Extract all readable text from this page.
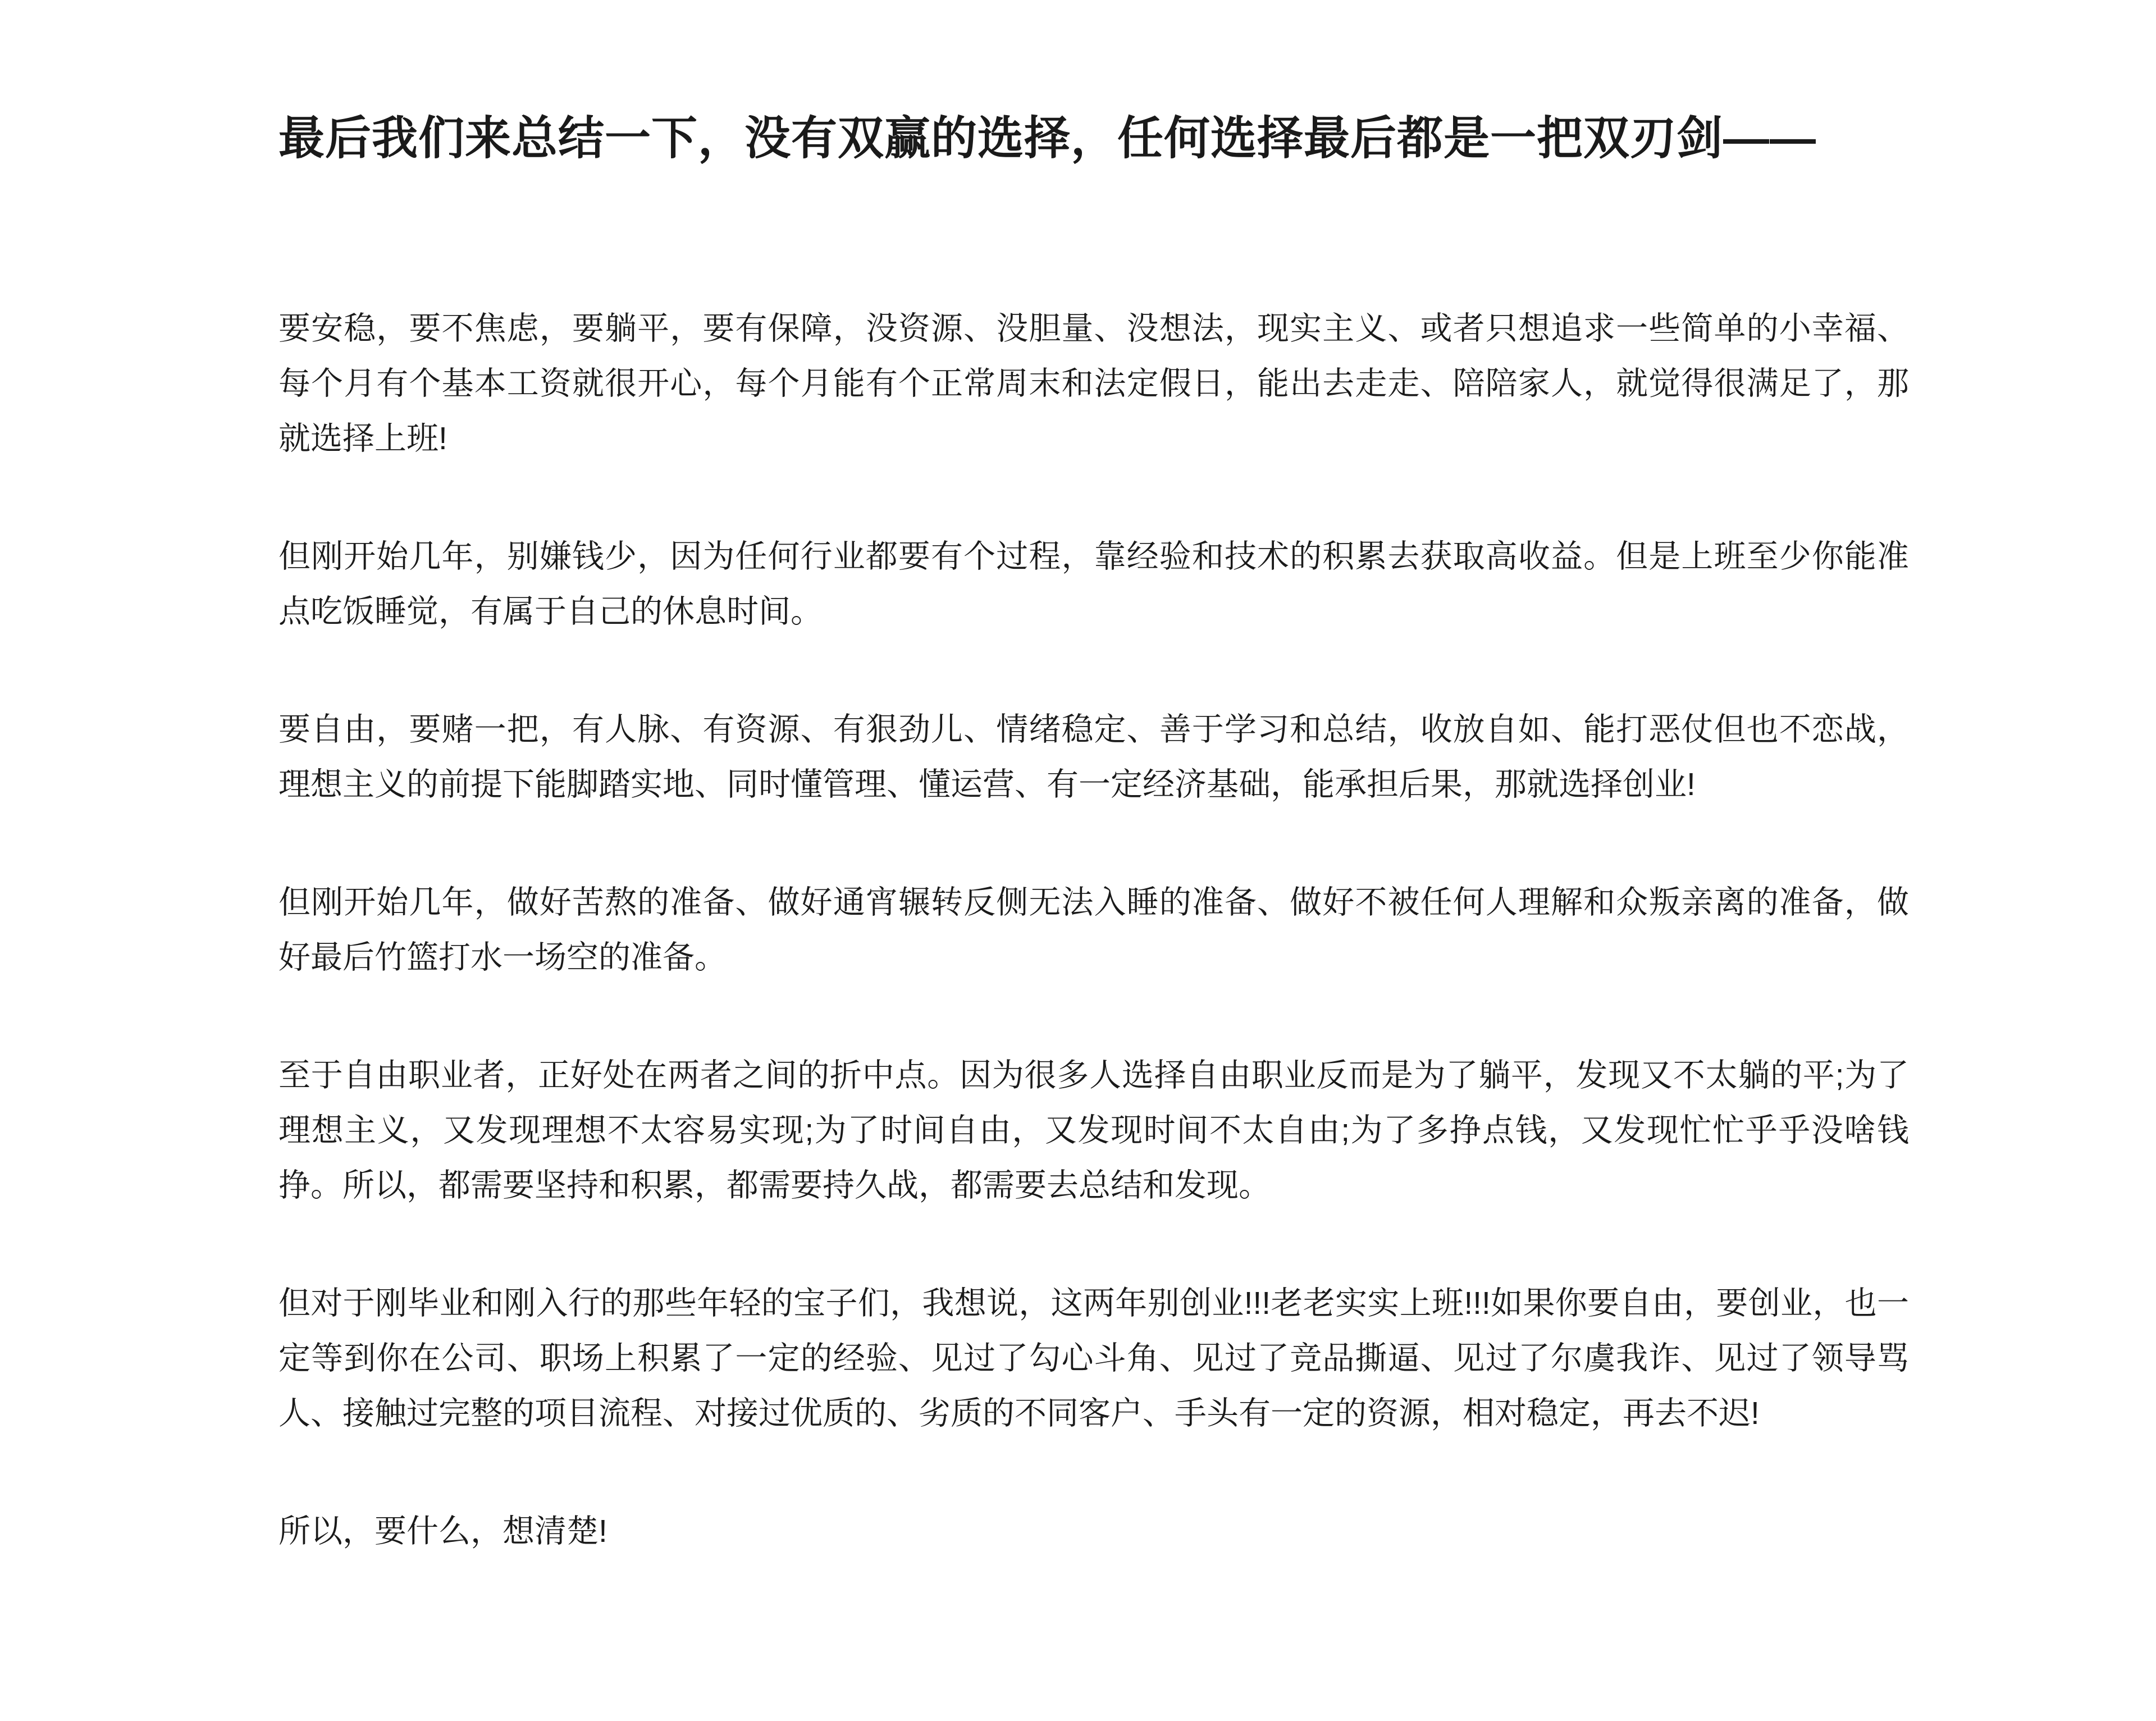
最后我们来总结一下，没有双赢的选择，任何选择最后都是一把双刃剑——

要安稳，要不焦虑，要躺平，要有保障，没资源、没胆量、没想法，现实主义、或者只想追求一些简单的小幸福、每个月有个基本工资就很开心，每个月能有个正常周末和法定假日，能出去走走、陪陪家人，就觉得很满足了，那就选择上班!

但刚开始几年，别嫌钱少，因为任何行业都要有个过程，靠经验和技术的积累去获取高收益。但是上班至少你能准点吃饭睡觉，有属于自己的休息时间。

要自由，要赌一把，有人脉、有资源、有狠劲儿、情绪稳定、善于学习和总结，收放自如、能打恶仗但也不恋战，理想主义的前提下能脚踏实地、同时懂管理、懂运营、有一定经济基础，能承担后果，那就选择创业!

但刚开始几年，做好苦熬的准备、做好通宵辗转反侧无法入睡的准备、做好不被任何人理解和众叛亲离的准备，做好最后竹篮打水一场空的准备。

至于自由职业者，正好处在两者之间的折中点。因为很多人选择自由职业反而是为了躺平，发现又不太躺的平;为了理想主义，又发现理想不太容易实现;为了时间自由，又发现时间不太自由;为了多挣点钱，又发现忙忙乎乎没啥钱挣。所以，都需要坚持和积累，都需要持久战，都需要去总结和发现。

但对于刚毕业和刚入行的那些年轻的宝子们，我想说，这两年别创业!!!老老实实上班!!!如果你要自由，要创业，也一定等到你在公司、职场上积累了一定的经验、见过了勾心斗角、见过了竞品撕逼、见过了尔虞我诈、见过了领导骂人、接触过完整的项目流程、对接过优质的、劣质的不同客户、手头有一定的资源，相对稳定，再去不迟!

所以，要什么，想清楚!
